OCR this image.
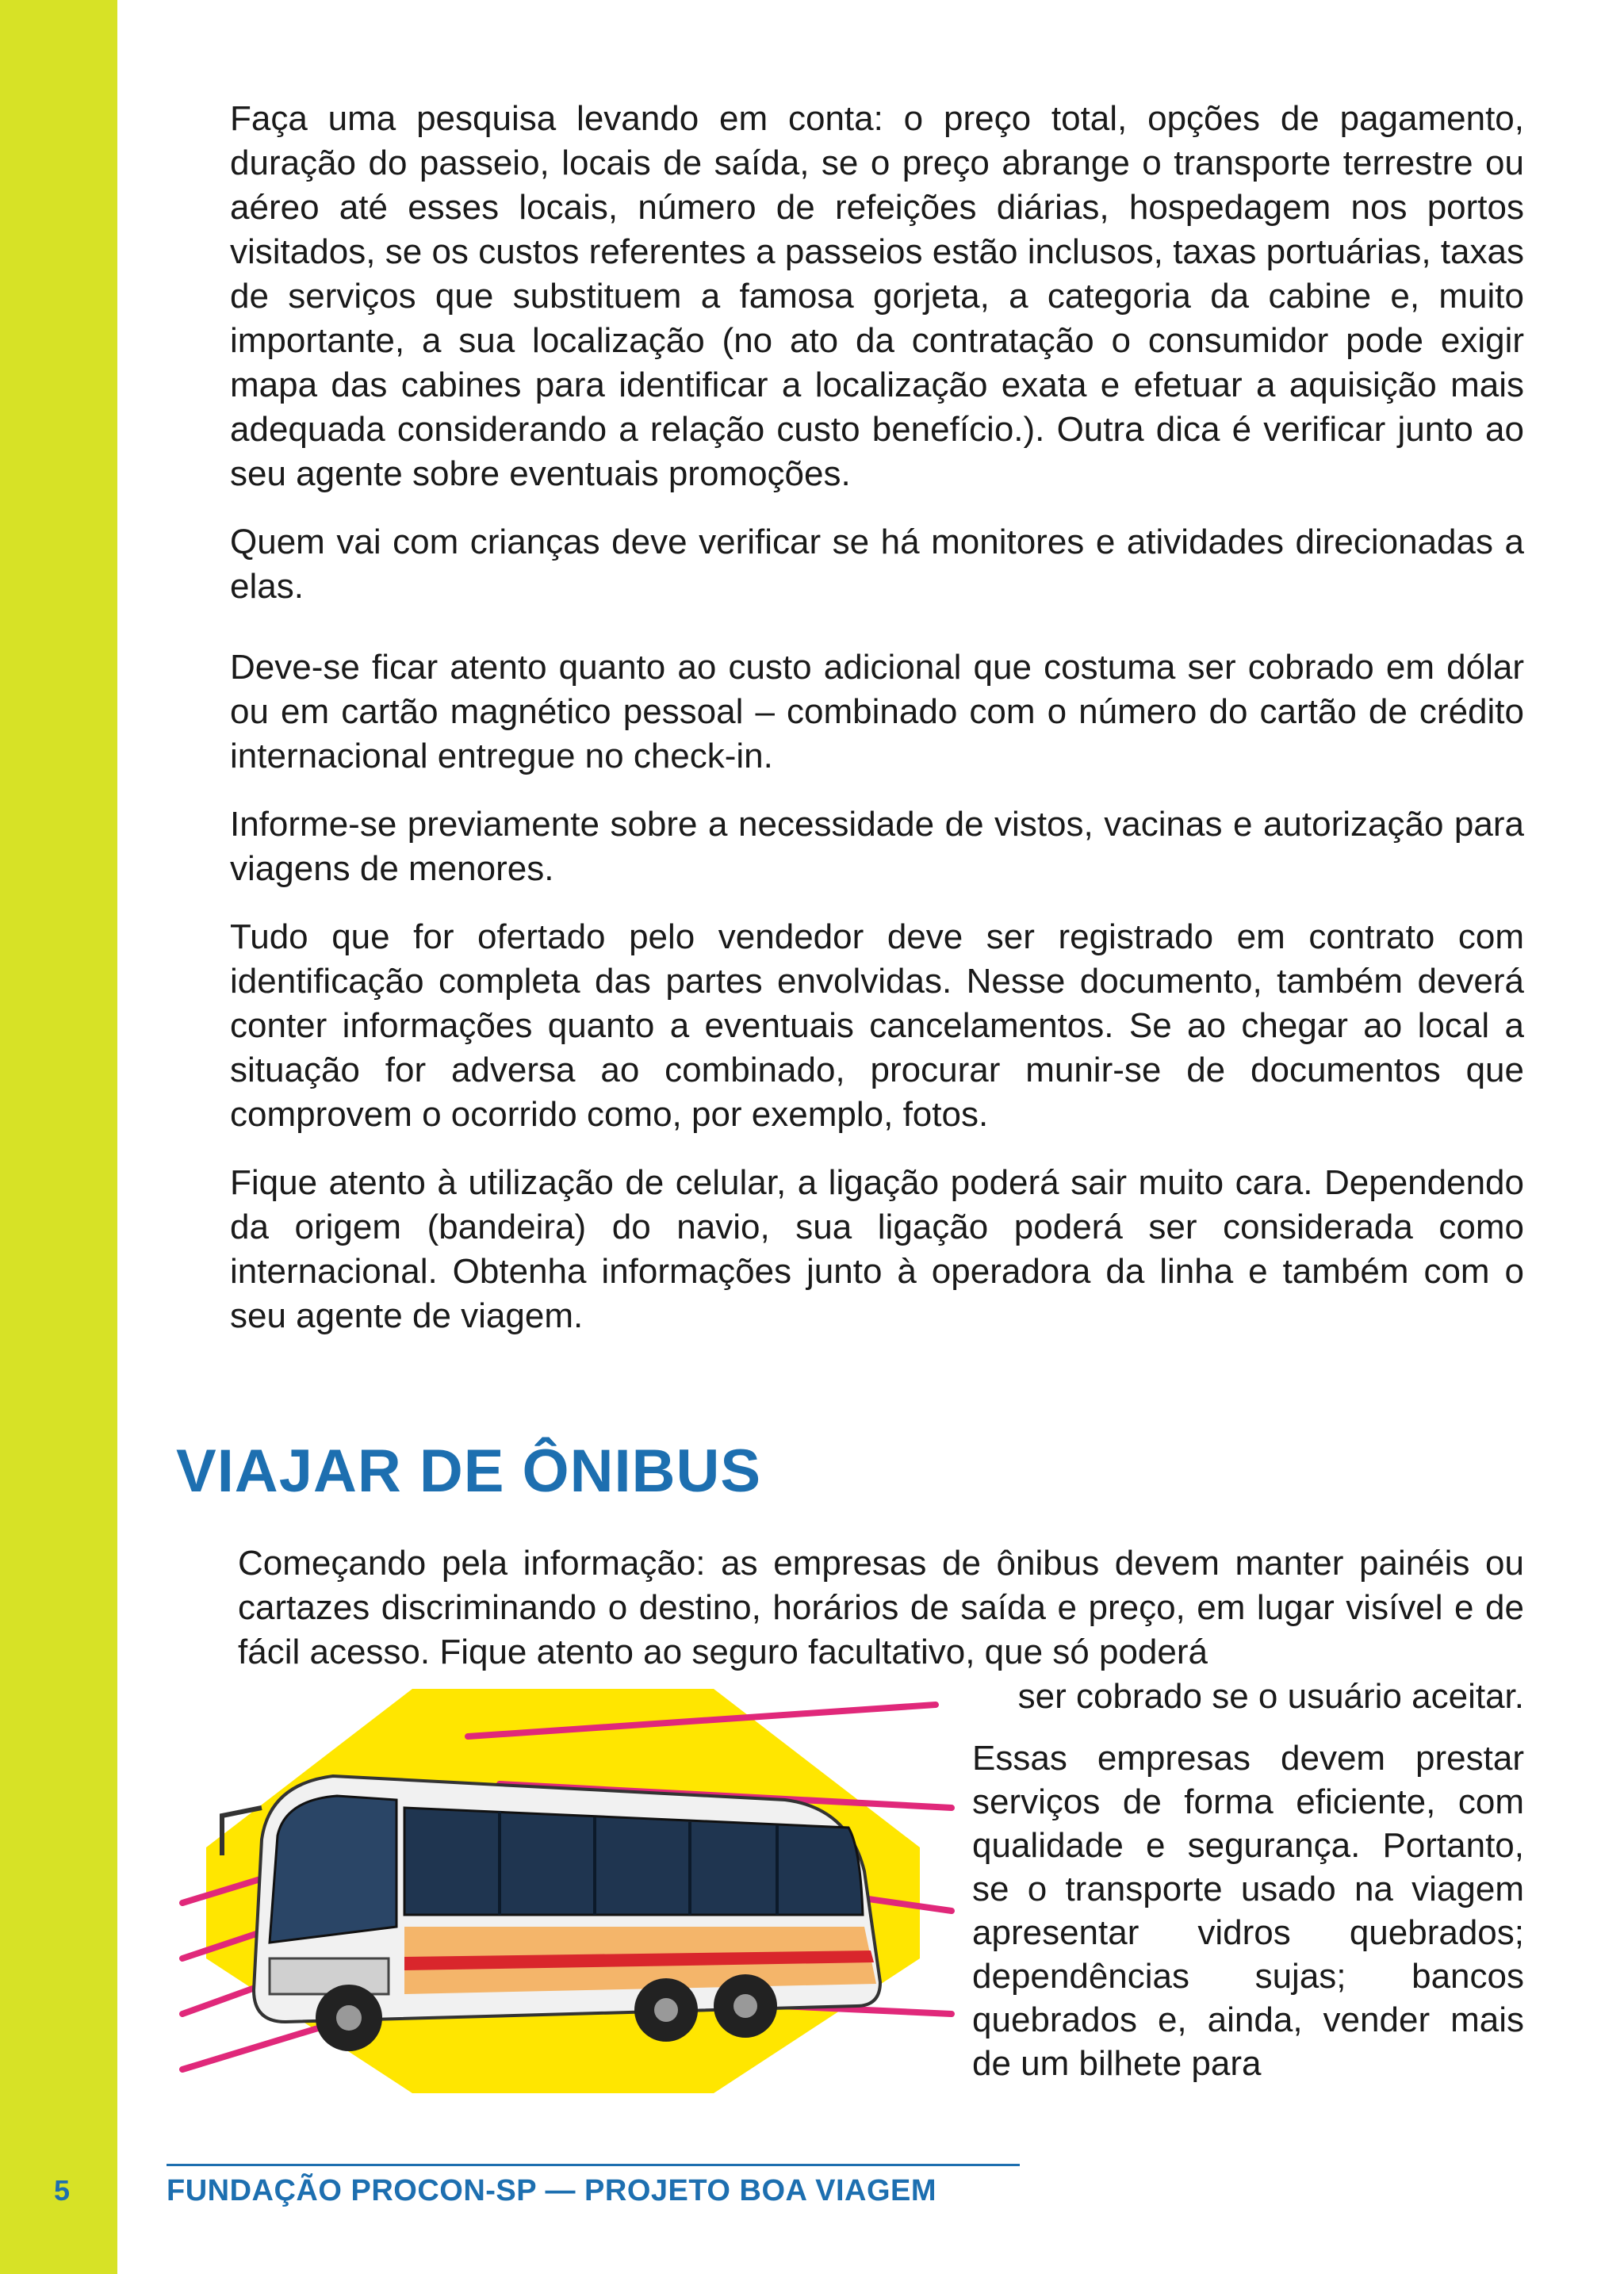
Faça uma pesquisa levando em conta: o preço total, opções de pagamento, duração do passeio, locais de saída, se o preço abrange o transporte terrestre ou aéreo até esses locais, número de refeições diárias, hospedagem nos portos visitados, se os custos referentes a passeios estão inclusos, taxas portuárias, taxas de serviços que substituem a famosa gorjeta, a categoria da cabine e, muito importante, a sua localização (no ato da contratação o consumidor pode exigir mapa das cabines para identificar a localização exata e efetuar a aquisição mais adequada considerando a relação custo benefício.). Outra dica é verificar junto ao seu agente sobre eventuais promoções.

Quem vai com crianças deve verificar se há monitores e atividades direcionadas a elas.

Deve-se ficar atento quanto ao custo adicional que costuma ser cobrado em dólar ou em cartão magnético pessoal – combinado com o número do cartão de crédito internacional entregue no check-in.

Informe-se previamente sobre a necessidade de vistos, vacinas e autorização para viagens de menores.

Tudo que for ofertado pelo vendedor deve ser registrado em contrato com identificação completa das partes envolvidas. Nesse documento, também deverá conter informações quanto a eventuais cancelamentos. Se ao chegar ao local a situação for adversa ao combinado, procurar munir-se de documentos que comprovem o ocorrido como, por exemplo, fotos.

Fique atento à utilização de celular, a ligação poderá sair muito cara. Dependendo da origem (bandeira) do navio, sua ligação poderá ser considerada como internacional. Obtenha informações junto à operadora da linha e também com o seu agente de viagem.

VIAJAR DE ÔNIBUS
Começando pela informação: as empresas de ônibus devem manter painéis ou cartazes discriminando o destino, horários de saída e preço, em lugar visível e de fácil acesso. Fique atento ao seguro facultativo, que só poderá
ser cobrado se o usuário aceitar.
Essas empresas devem prestar serviços de forma eficiente, com qualidade e segurança. Portanto, se o transporte usado na viagem apresentar vidros quebrados; dependências sujas; bancos quebrados e, ainda, vender mais de um bilhete para
5	FUNDAÇÃO PROCON-SP — PROJETO BOA VIAGEM
